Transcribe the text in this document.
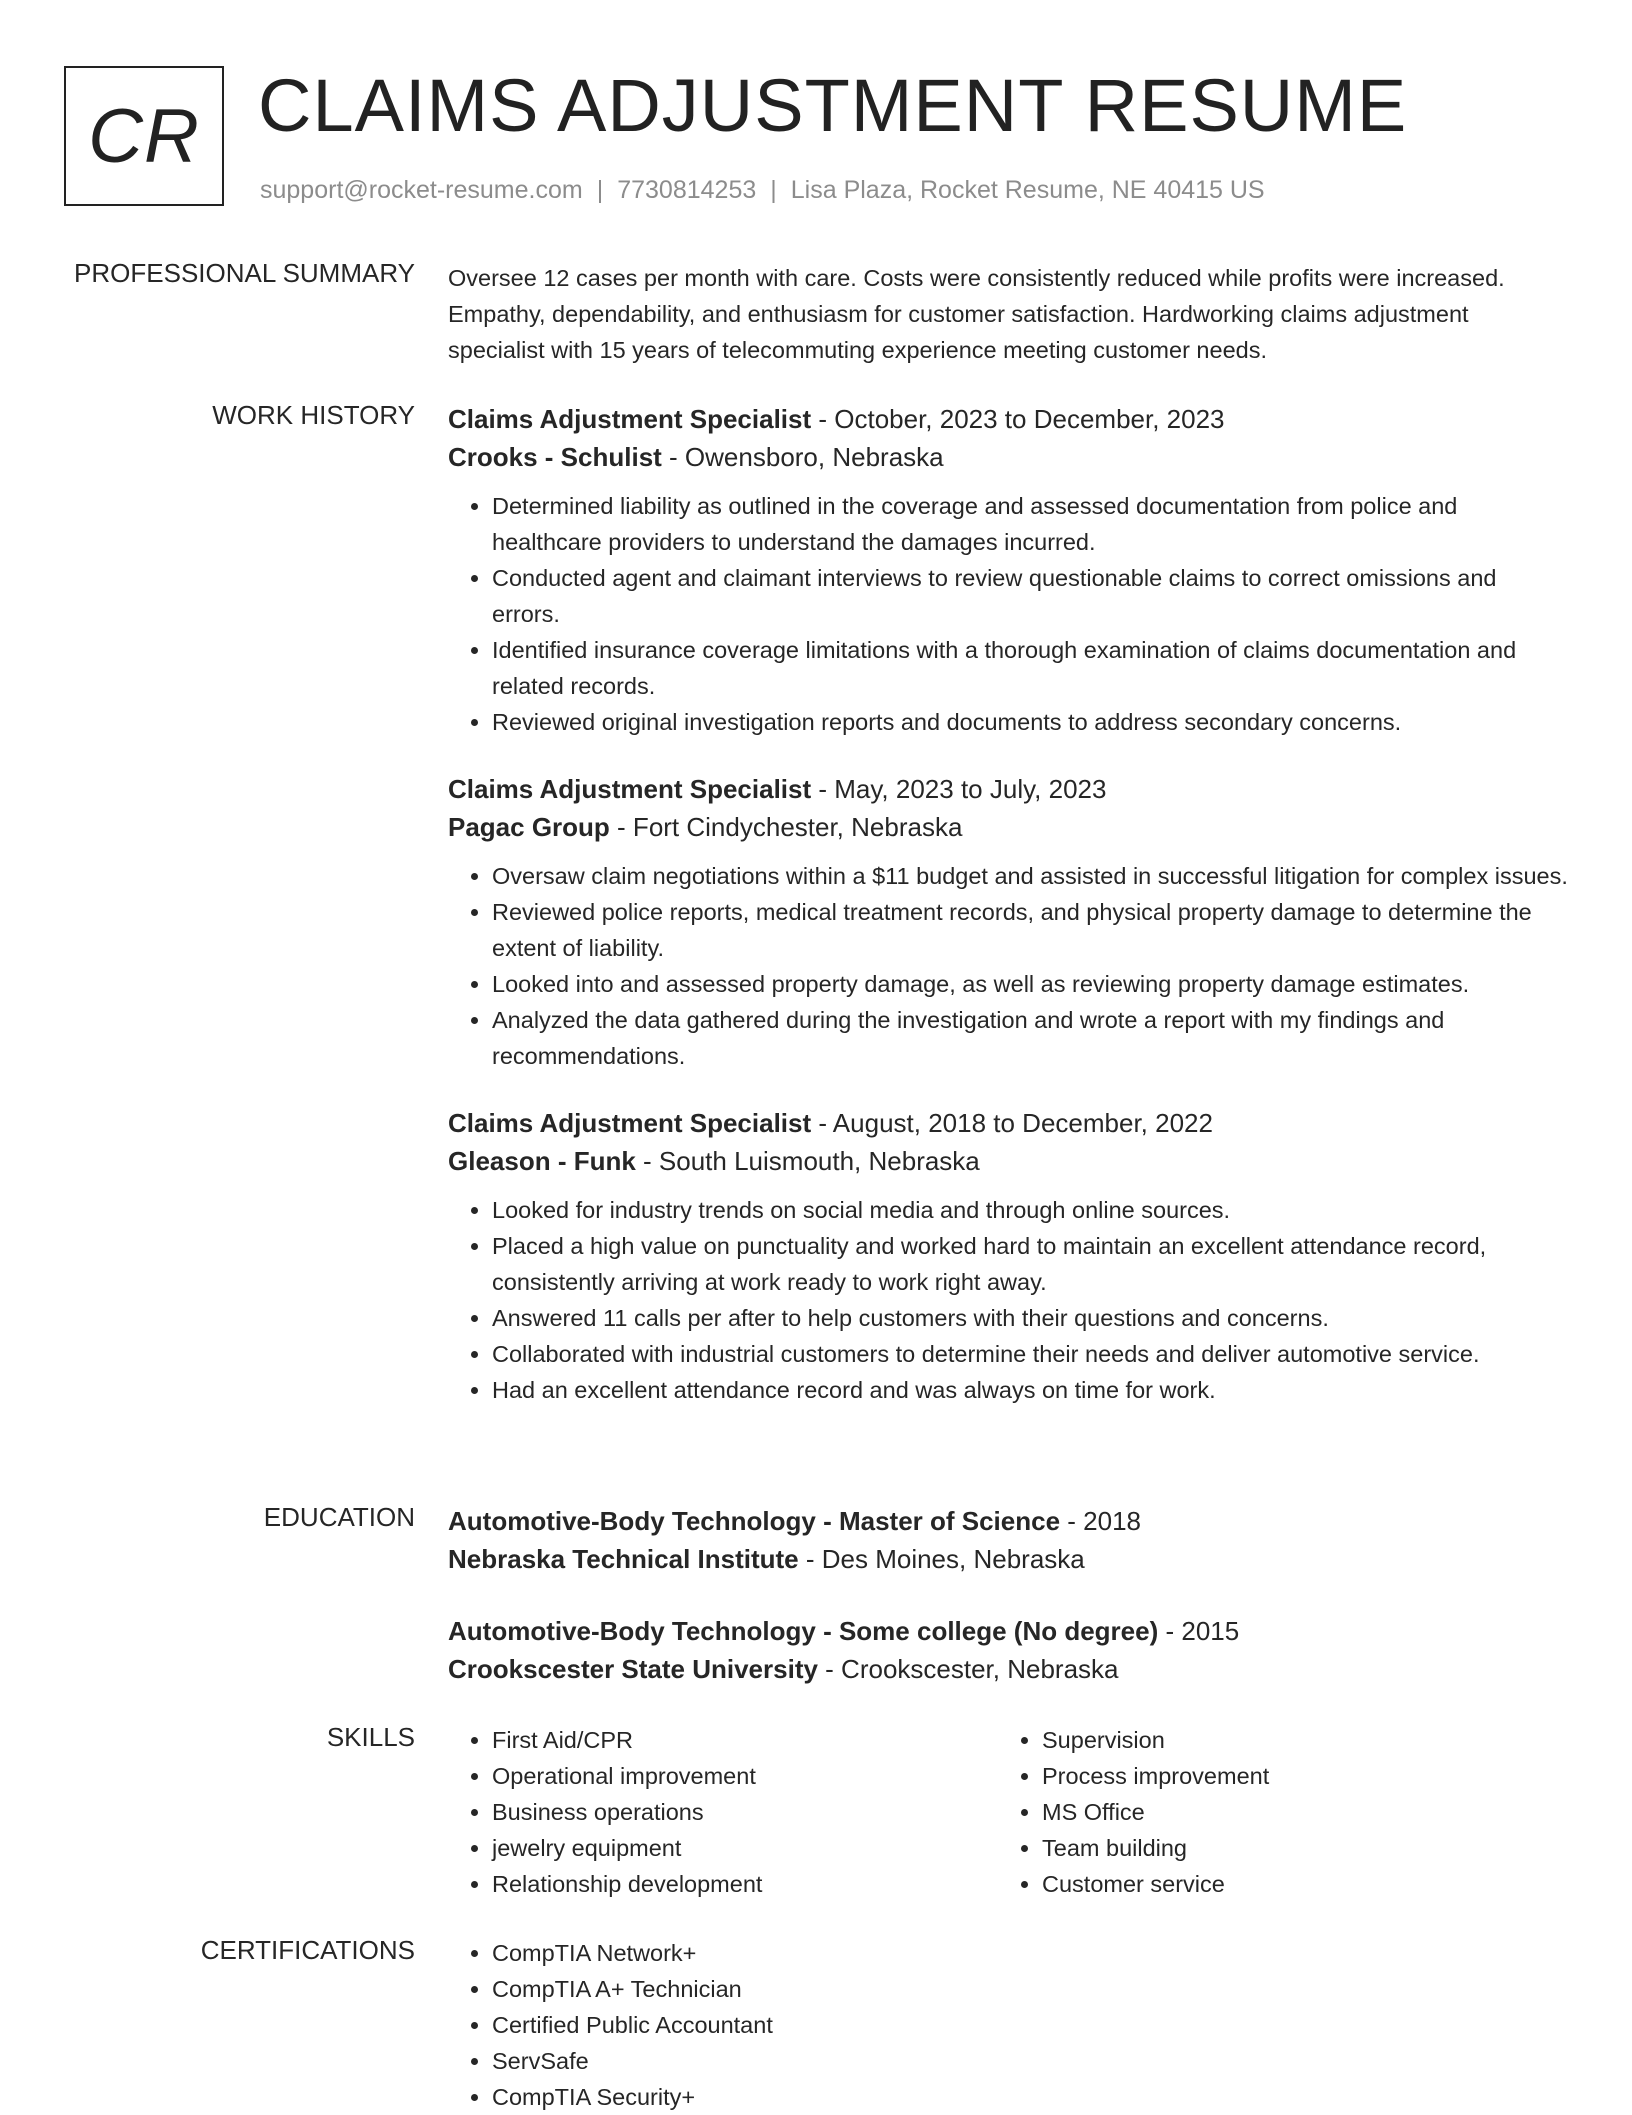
CR CLAIMS ADJUSTMENT RESUME
support@rocket-resume.com | 7730814253 | Lisa Plaza, Rocket Resume, NE 40415 US
PROFESSIONAL SUMMARY Oversee 12 cases per month with care. Costs were consistently reduced while profits were increased. Empathy, dependability, and enthusiasm for customer satisfaction. Hardworking claims adjustment specialist with 15 years of telecommuting experience meeting customer needs.
WORK HISTORY Claims Adjustment Specialist - October, 2023 to December, 2023
Crooks - Schulist - Owensboro, Nebraska
• Determined liability as outlined in the coverage and assessed documentation from police and healthcare providers to understand the damages incurred.
• Conducted agent and claimant interviews to review questionable claims to correct omissions and errors.
• Identified insurance coverage limitations with a thorough examination of claims documentation and related records.
• Reviewed original investigation reports and documents to address secondary concerns.
Claims Adjustment Specialist - May, 2023 to July, 2023
Pagac Group - Fort Cindychester, Nebraska
• Oversaw claim negotiations within a $11 budget and assisted in successful litigation for complex issues.
• Reviewed police reports, medical treatment records, and physical property damage to determine the extent of liability.
• Looked into and assessed property damage, as well as reviewing property damage estimates.
• Analyzed the data gathered during the investigation and wrote a report with my findings and recommendations.
Claims Adjustment Specialist - August, 2018 to December, 2022
Gleason - Funk - South Luismouth, Nebraska
• Looked for industry trends on social media and through online sources.
• Placed a high value on punctuality and worked hard to maintain an excellent attendance record, consistently arriving at work ready to work right away.
• Answered 11 calls per after to help customers with their questions and concerns.
• Collaborated with industrial customers to determine their needs and deliver automotive service.
• Had an excellent attendance record and was always on time for work.
EDUCATION Automotive-Body Technology - Master of Science - 2018
Nebraska Technical Institute - Des Moines, Nebraska
Automotive-Body Technology - Some college (No degree) - 2015
Crookscester State University - Crookscester, Nebraska
SKILLS	• First Aid/CPR
• Operational improvement
• Business operations
• jewelry equipment
• Relationship development
• Supervision
• Process improvement
• MS Office
• Team building
• Customer service
CERTIFICATIONS	• CompTIA Network+
• CompTIA A+ Technician
• Certified Public Accountant
• ServSafe
• CompTIA Security+
